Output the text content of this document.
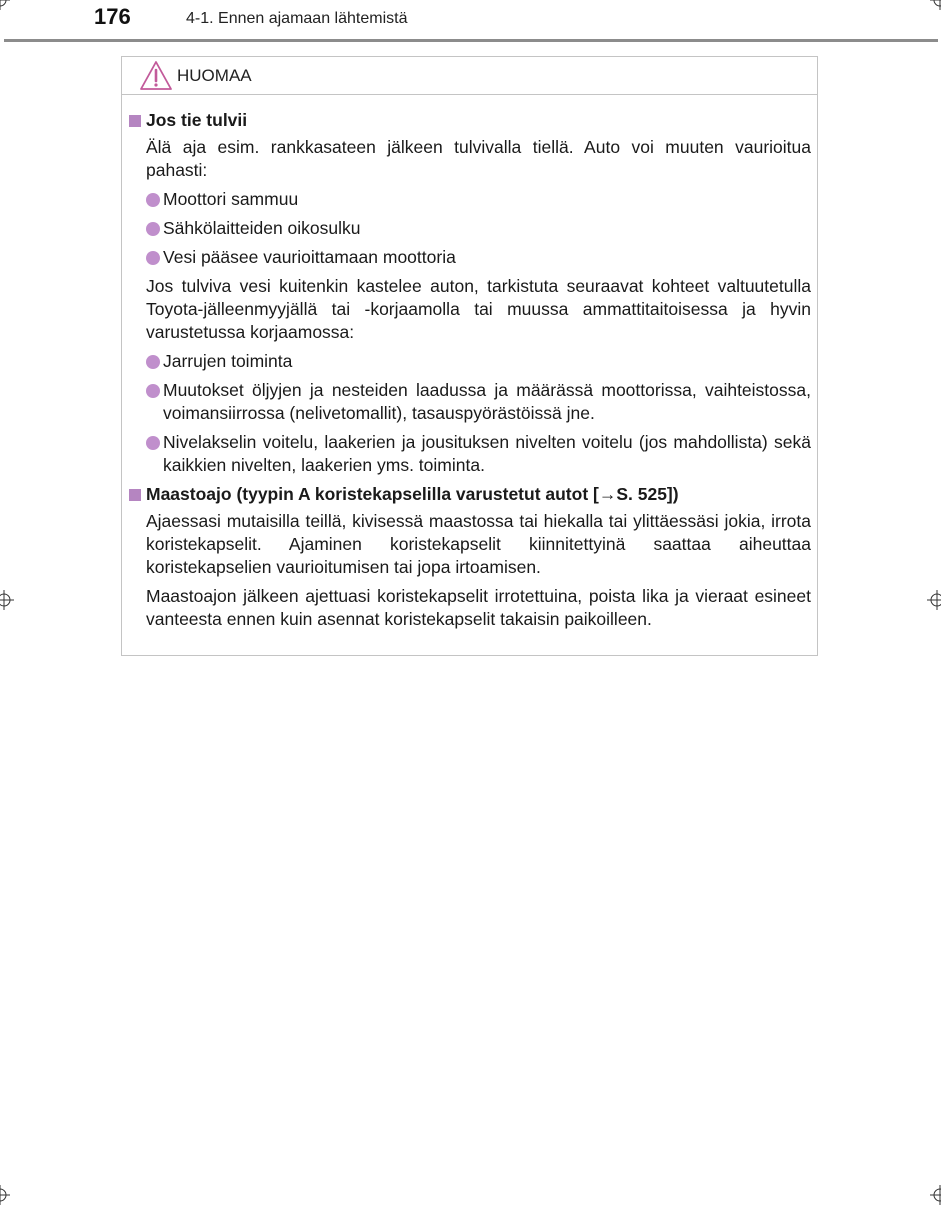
176	4-1. Ennen ajamaan lähtemistä
HUOMAA
Jos tie tulvii

Älä aja esim. rankkasateen jälkeen tulvivalla tiellä. Auto voi muuten vaurioitua pahasti:

Moottori sammuu
Sähkölaitteiden oikosulku
Vesi pääsee vaurioittamaan moottoria

Jos tulviva vesi kuitenkin kastelee auton, tarkistuta seuraavat kohteet valtuutetulla Toyota-jälleenmyyjällä tai -korjaamolla tai muussa ammattitaitoisessa ja hyvin varustetussa korjaamossa:

Jarrujen toiminta
Muutokset öljyjen ja nesteiden laadussa ja määrässä moottorissa, vaihteistossa, voimansiirrossa (nelivetomallit), tasauspyörästöissä jne.
Nivelakselin voitelu, laakerien ja jousituksen nivelten voitelu (jos mahdollista) sekä kaikkien nivelten, laakerien yms. toiminta.
Maastoajo (tyypin A koristekapselilla varustetut autot [→S. 525])

Ajaessasi mutaisilla teillä, kivisessä maastossa tai hiekalla tai ylittäessäsi jokia, irrota koristekapselit. Ajaminen koristekapselit kiinnitettyinä saattaa aiheuttaa koristekapselien vaurioitumisen tai jopa irtoamisen.

Maastoajon jälkeen ajettuasi koristekapselit irrotettuina, poista lika ja vieraat esineet vanteesta ennen kuin asennat koristekapselit takaisin paikoilleen.
